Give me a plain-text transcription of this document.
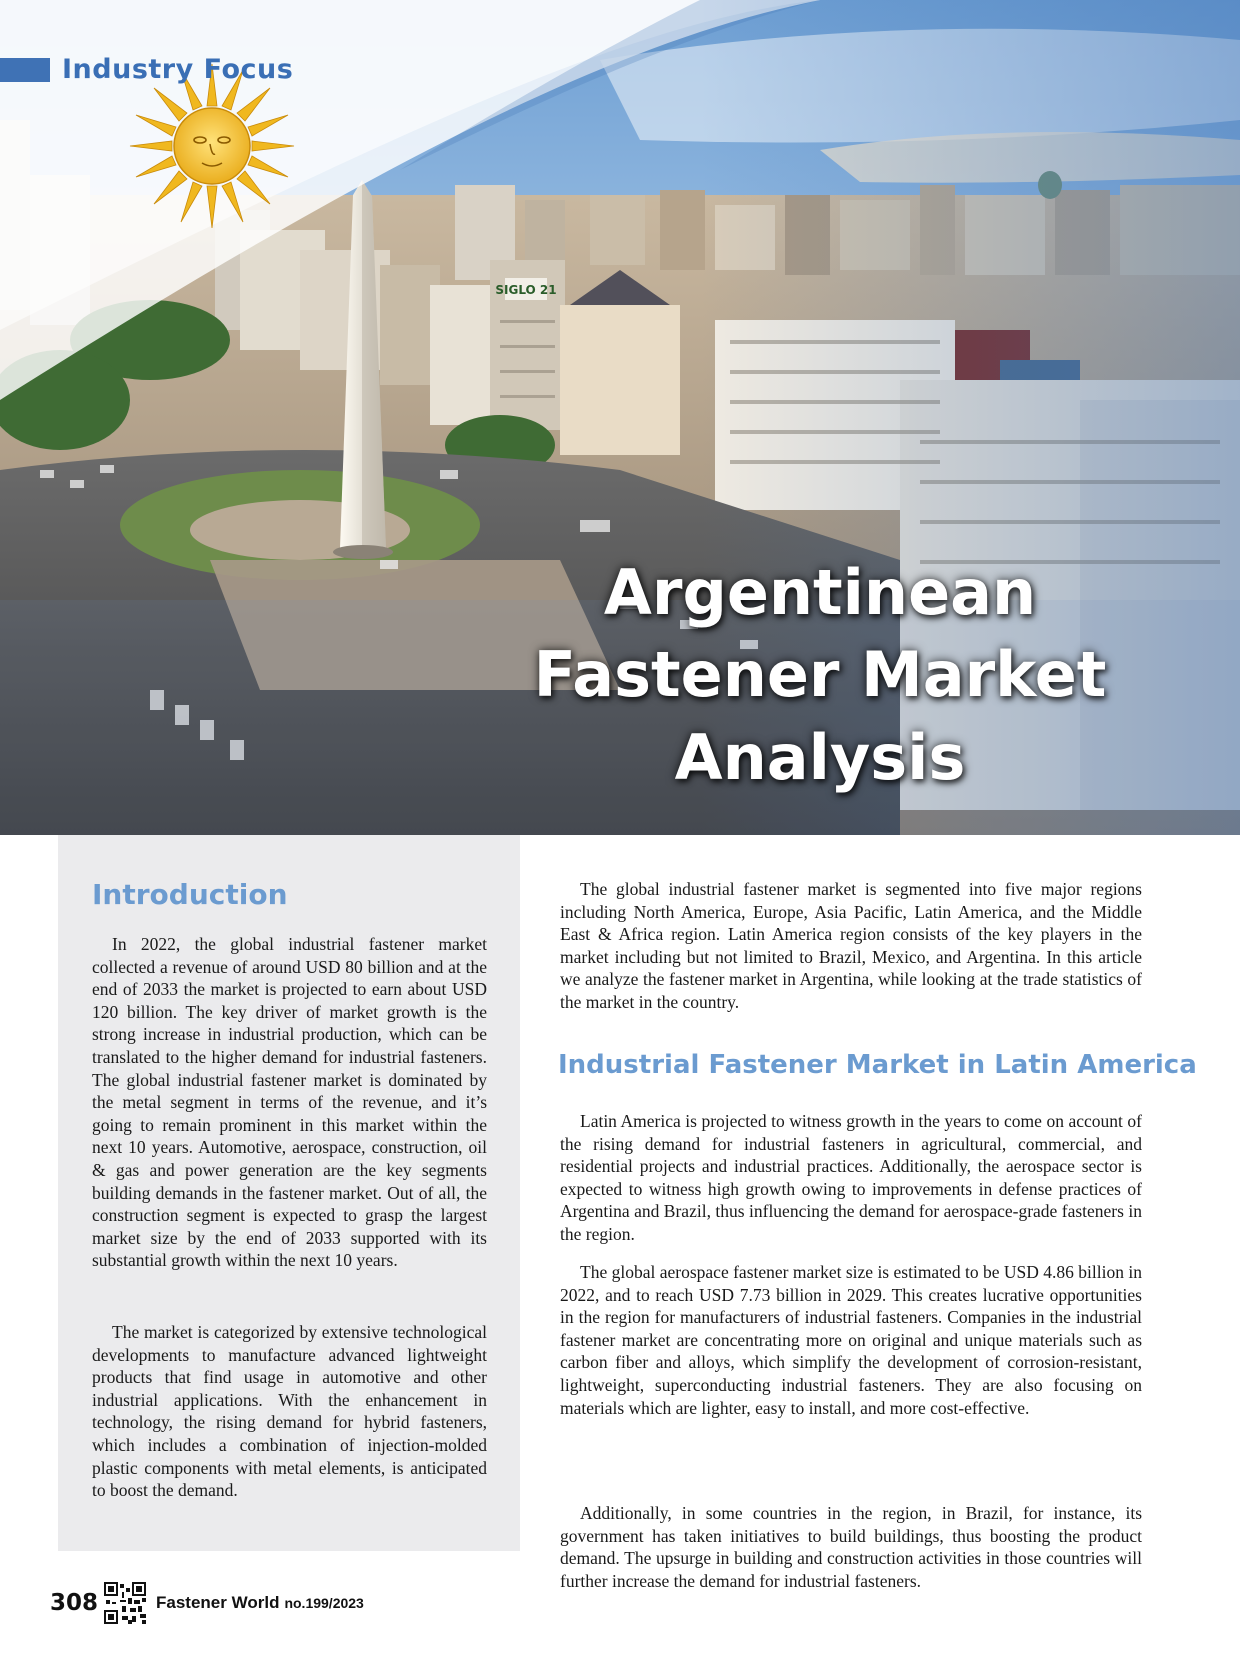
SIGLO 21
Industry Focus
Argentinean
Fastener Market
Analysis
Introduction

In 2022, the global industrial fastener market collected a revenue of around USD 80 billion and at the end of 2033 the market is projected to earn about USD 120 billion. The key driver of market growth is the strong increase in industrial production, which can be translated to the higher demand for industrial fasteners. The global industrial fastener market is dominated by the metal segment in terms of the revenue, and it’s going to remain prominent in this market within the next 10 years. Automotive, aerospace, construction, oil & gas and power generation are the key segments building demands in the fastener market. Out of all, the construction segment is expected to grasp the largest market size by the end of 2033 supported with its substantial growth within the next 10 years.

The market is categorized by extensive technological developments to manufacture advanced lightweight products that find usage in automotive and other industrial applications. With the enhancement in technology, the rising demand for hybrid fasteners, which includes a combination of injection-molded plastic components with metal elements, is anticipated to boost the demand.

The global industrial fastener market is segmented into five major regions including North America, Europe, Asia Pacific, Latin America, and the Middle East & Africa region. Latin America region consists of the key players in the market including but not limited to Brazil, Mexico, and Argentina. In this article we analyze the fastener market in Argentina, while looking at the trade statistics of the market in the country.

Industrial Fastener Market in Latin America

Latin America is projected to witness growth in the years to come on account of the rising demand for industrial fasteners in agricultural, commercial, and residential projects and industrial practices. Additionally, the aerospace sector is expected to witness high growth owing to improvements in defense practices of Argentina and Brazil, thus influencing the demand for aerospace-grade fasteners in the region.

The global aerospace fastener market size is estimated to be USD 4.86 billion in 2022, and to reach USD 7.73 billion in 2029. This creates lucrative opportunities in the region for manufacturers of industrial fasteners. Companies in the industrial fastener market are concentrating more on original and unique materials such as carbon fiber and alloys, which simplify the development of corrosion-resistant, lightweight, superconducting industrial fasteners. They are also focusing on materials which are lighter, easy to install, and more cost-effective.

Additionally, in some countries in the region, in Brazil, for instance, its government has taken initiatives to build buildings, thus boosting the product demand. The upsurge in building and construction activities in those countries will further increase the demand for industrial fasteners.

308	Fastener World no.199/2023
